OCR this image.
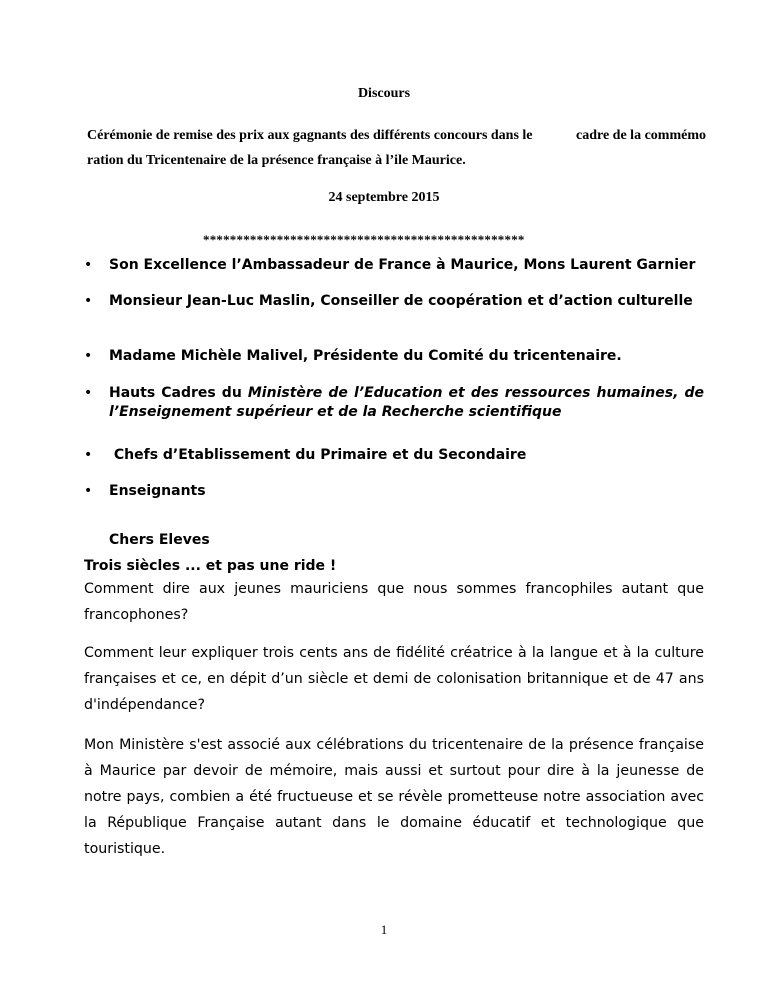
Discours

Cérémonie de remise des prix aux gagnants des différents concours dans le	cadre de la commémo
ration du Tricentenaire de la présence française à l’ile Maurice.

24 septembre 2015

************************************************

• Son Excellence l’Ambassadeur de France à Maurice, Mons Laurent Garnier
• Monsieur Jean-Luc Maslin, Conseiller de coopération et d’action culturelle
• Madame Michèle Malivel, Présidente du Comité du tricentenaire.
• Hauts Cadres du Ministère de l’Education et des ressources humaines, de l’Enseignement supérieur et de la Recherche scientifique
• Chefs d’Etablissement du Primaire et du Secondaire
• Enseignants

Chers Eleves

Trois siècles ... et pas une ride !

Comment dire aux jeunes mauriciens que nous sommes francophiles autant que francophones?

Comment leur expliquer trois cents ans de fidélité créatrice à la langue et à la culture françaises et ce, en dépit d’un siècle et demi de colonisation britannique et de 47 ans d'indépendance?

Mon Ministère s'est associé aux célébrations du tricentenaire de la présence française à Maurice par devoir de mémoire, mais aussi et surtout pour dire à la jeunesse de notre pays, combien a été fructueuse et se révèle prometteuse notre association avec la République Française autant dans le domaine éducatif et technologique que touristique.

1
